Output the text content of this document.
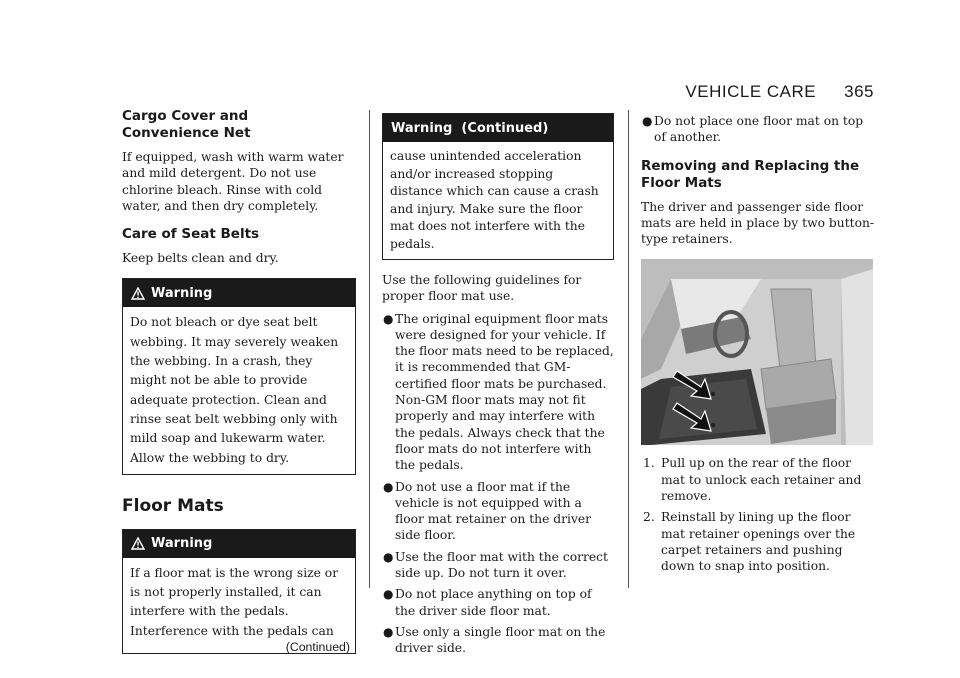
VEHICLE CARE 365
Cargo Cover and Convenience Net

If equipped, wash with warm water and mild detergent. Do not use chlorine bleach. Rinse with cold water, and then dry completely.

Care of Seat Belts

Keep belts clean and dry.

Warning
Do not bleach or dye seat belt webbing. It may severely weaken the webbing. In a crash, they might not be able to provide adequate protection. Clean and rinse seat belt webbing only with mild soap and lukewarm water. Allow the webbing to dry.
Floor Mats
Warning
If a floor mat is the wrong size or is not properly installed, it can interfere with the pedals. Interference with the pedals can
(Continued)
Warning  (Continued)
cause unintended acceleration and/or increased stopping distance which can cause a crash and injury. Make sure the floor mat does not interfere with the pedals.

Use the following guidelines for proper floor mat use.

● The original equipment floor mats were designed for your vehicle. If the floor mats need to be replaced, it is recommended that GM-certified floor mats be purchased. Non-GM floor mats may not fit properly and may interfere with the pedals. Always check that the floor mats do not interfere with the pedals.
● Do not use a floor mat if the vehicle is not equipped with a floor mat retainer on the driver side floor.
● Use the floor mat with the correct side up. Do not turn it over.
● Do not place anything on top of the driver side floor mat.
● Use only a single floor mat on the driver side.
● Do not place one floor mat on top of another.
Removing and Replacing the Floor Mats

The driver and passenger side floor mats are held in place by two button-type retainers.

1. Pull up on the rear of the floor mat to unlock each retainer and remove.
2. Reinstall by lining up the floor mat retainer openings over the carpet retainers and pushing down to snap into position.
